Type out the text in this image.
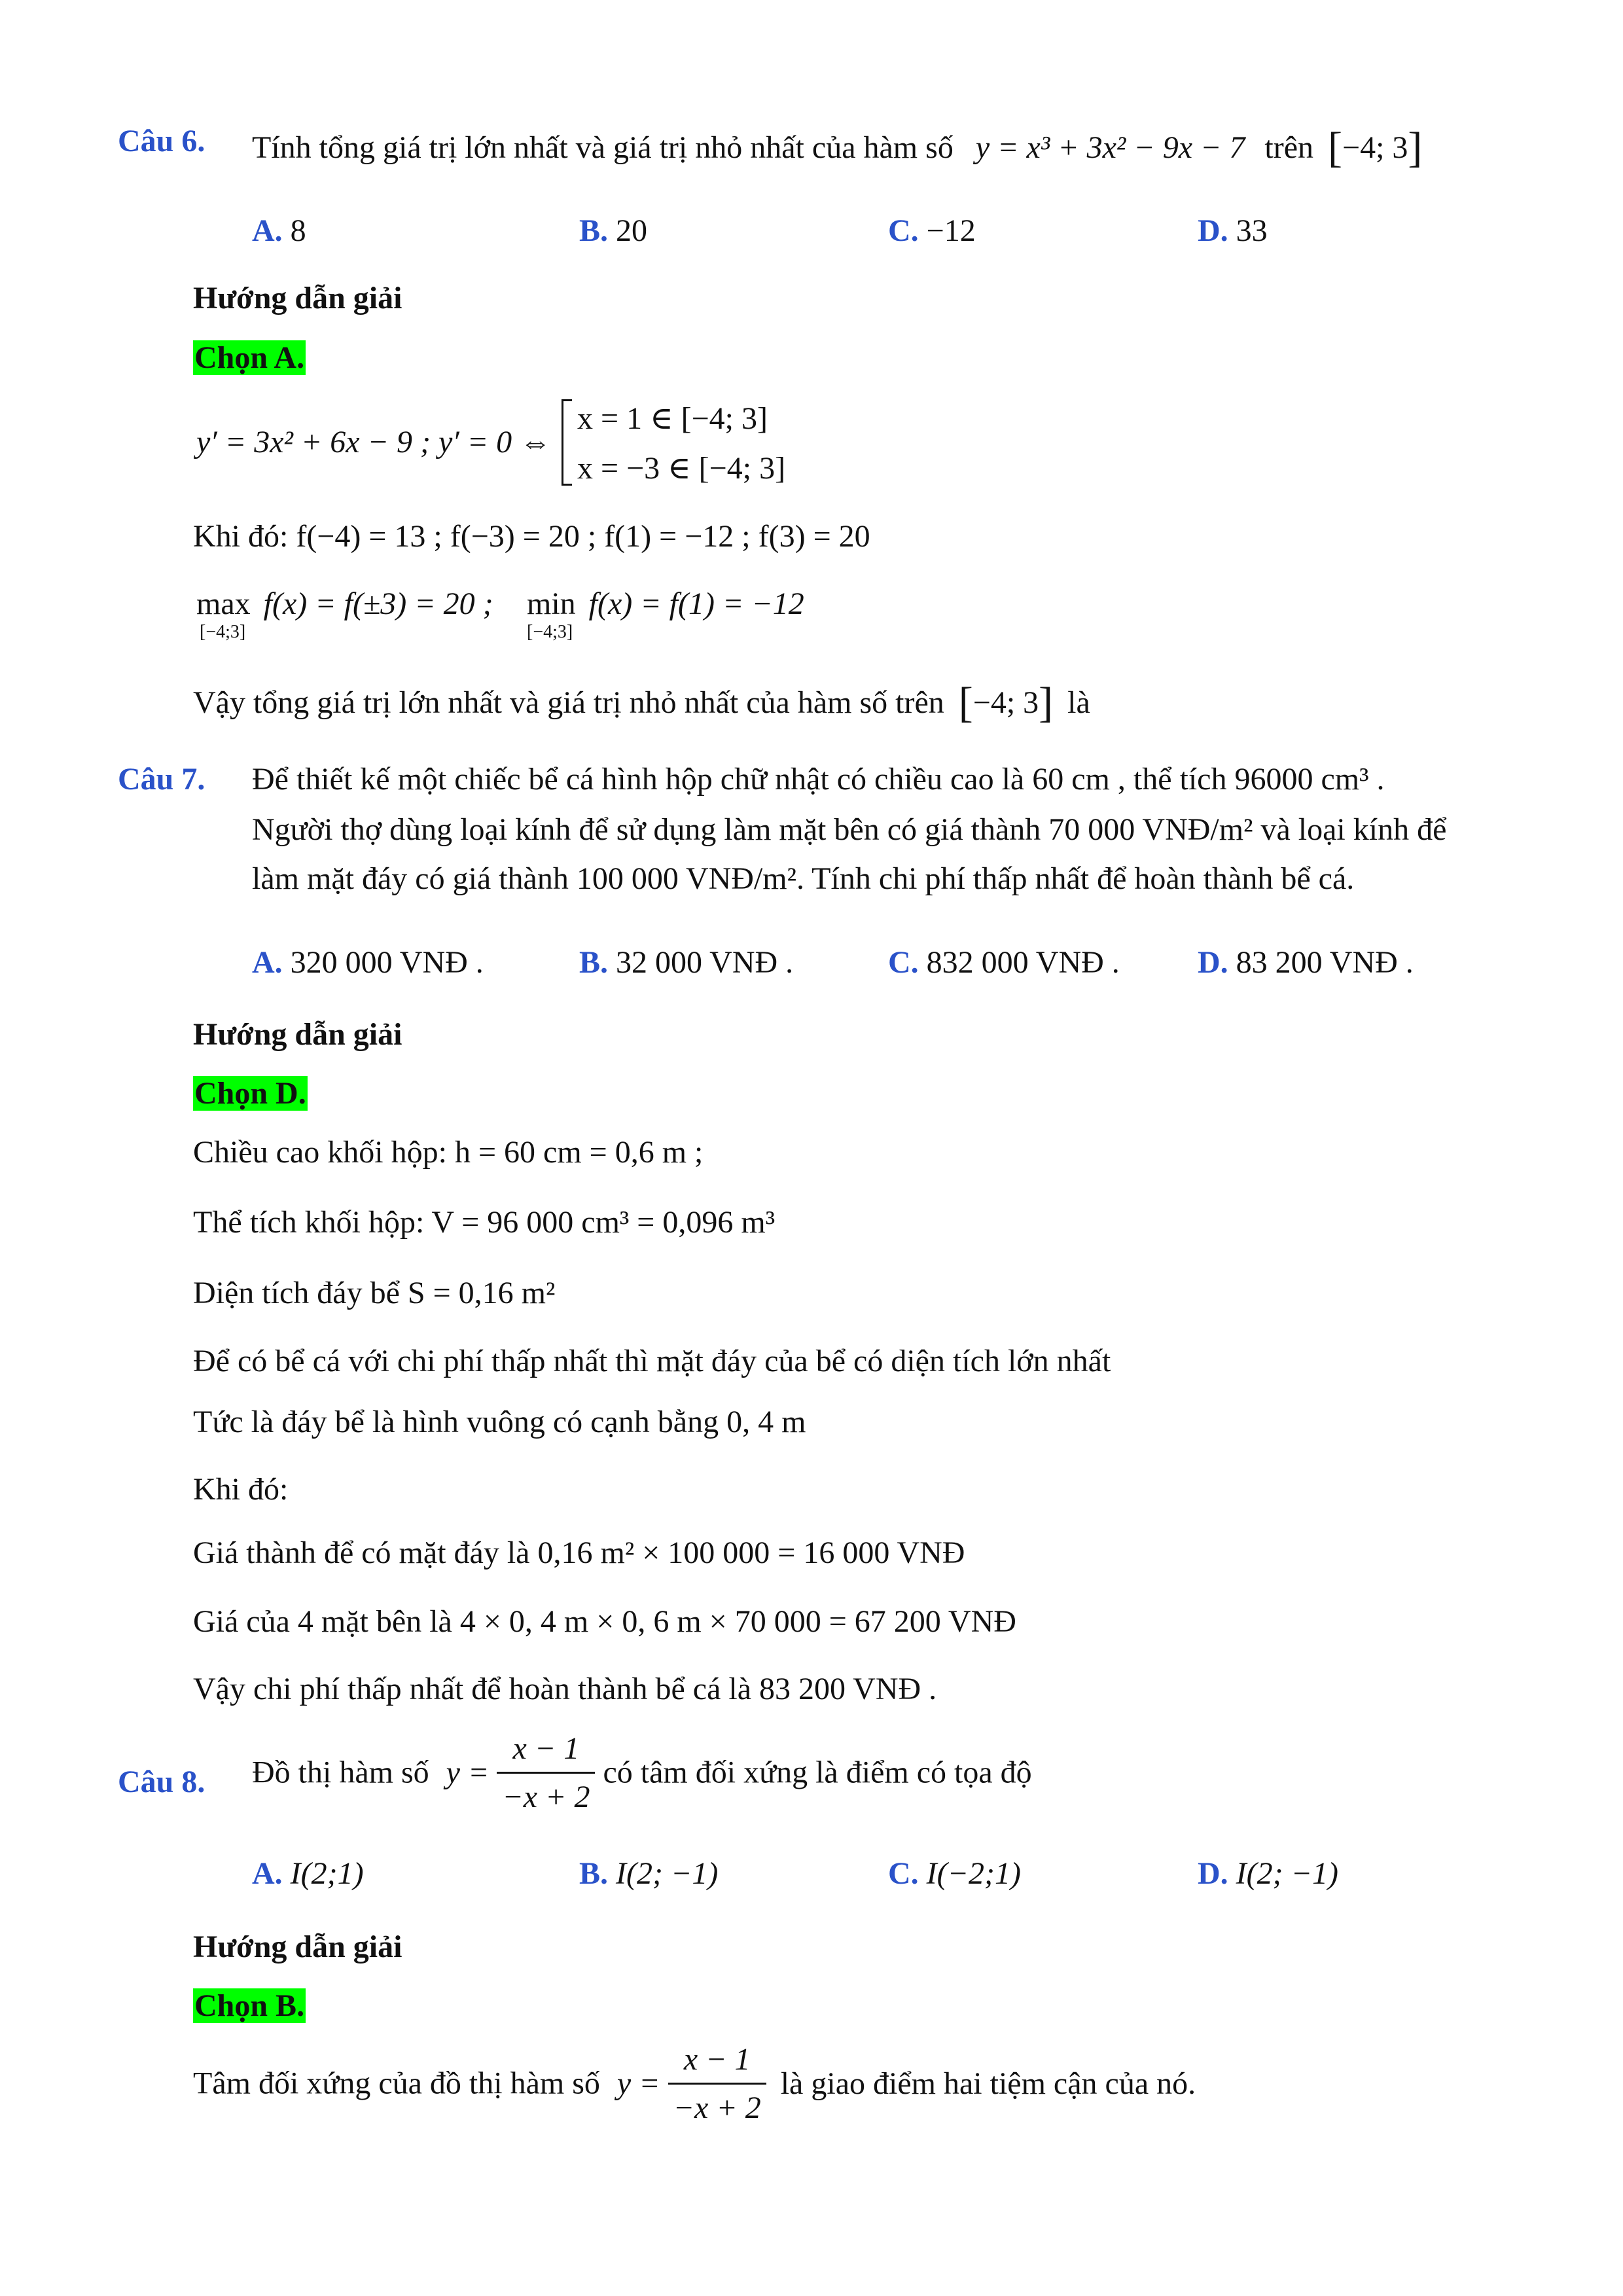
Câu 6. Tính tổng giá trị lớn nhất và giá trị nhỏ nhất của hàm số y = x³ + 3x² − 9x − 7 trên [−4; 3]
A. 8	B. 20	C. −12	D. 33
Hướng dẫn giải
Chọn A.
y′ = 3x² + 6x − 9 ; y′ = 0 ⇔
x = 1 ∈ [−4; 3]
x = −3 ∈ [−4; 3]
Khi đó: f(−4) = 13 ; f(−3) = 20 ; f(1) = −12 ; f(3) = 20
max f(x) = f(±3) = 20 ;
[−4;3]
min f(x) = f(1) = −12
[−4;3]
Vậy tổng giá trị lớn nhất và giá trị nhỏ nhất của hàm số trên [−4; 3] là
Câu 7. Để thiết kế một chiếc bể cá hình hộp chữ nhật có chiều cao là 60 cm , thể tích 96000 cm³ .
Người thợ dùng loại kính để sử dụng làm mặt bên có giá thành 70 000 VNĐ/m² và loại kính để
làm mặt đáy có giá thành 100 000 VNĐ/m². Tính chi phí thấp nhất để hoàn thành bể cá.
A. 320 000 VNĐ .	B. 32 000 VNĐ .	C. 832 000 VNĐ . D. 83 200 VNĐ .
Hướng dẫn giải
Chọn D.
Chiều cao khối hộp: h = 60 cm = 0,6 m ;
Thể tích khối hộp: V = 96 000 cm³ = 0,096 m³
Diện tích đáy bể S = 0,16 m²
Để có bể cá với chi phí thấp nhất thì mặt đáy của bể có diện tích lớn nhất
Tức là đáy bể là hình vuông có cạnh bằng 0, 4 m
Khi đó:
Giá thành để có mặt đáy là 0,16 m² × 100 000 = 16 000 VNĐ
Giá của 4 mặt bên là 4 × 0, 4 m × 0, 6 m × 70 000 = 67 200 VNĐ
Vậy chi phí thấp nhất để hoàn thành bể cá là 83 200 VNĐ .
Câu 8. Đồ thị hàm số $y = \frac{x - 1}{-x + 2}$ có tâm đối xứng là điểm có tọa độ
A. I(2;1)	B. I(2; −1)	C. I(−2;1)	D. I(2; −1)
Hướng dẫn giải
Chọn B.
Tâm đối xứng của đồ thị hàm số $y = \frac{x - 1}{-x + 2}$ là giao điểm hai tiệm cận của nó.
